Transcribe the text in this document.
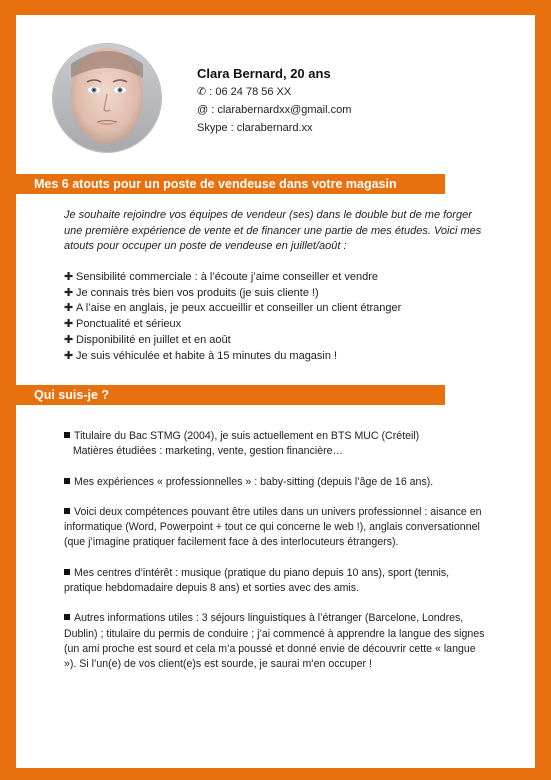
Clara Bernard, 20 ans
✆ : 06 24 78 56 XX
@ : clarabernardxx@gmail.com
Skype : clarabernard.xx
Mes 6 atouts pour un poste de vendeuse dans votre magasin
Je souhaite rejoindre vos équipes de vendeur (ses) dans le double but de me forger une première expérience de vente et de financer une partie de mes études. Voici mes atouts pour occuper un poste de vendeuse en juillet/août :
✚ Sensibilité commerciale : à l’écoute j’aime conseiller et vendre
✚ Je connais très bien vos produits (je suis cliente !)
✚ A l’aise en anglais, je peux accueillir et conseiller un client étranger
✚ Ponctualité et sérieux
✚ Disponibilité en juillet et en août
✚ Je suis véhiculée et habite à 15 minutes du magasin !
Qui suis-je ?

Titulaire du Bac STMG (2004), je suis actuellement en BTS MUC (Créteil)
Matières étudiées : marketing, vente, gestion financière…

Mes expériences « professionnelles » : baby-sitting (depuis l’âge de 16 ans).

Voici deux compétences pouvant être utiles dans un univers professionnel : aisance en informatique (Word, Powerpoint + tout ce qui concerne le web !), anglais conversationnel (que j’imagine pratiquer facilement face à des interlocuteurs étrangers).

Mes centres d’intérêt : musique (pratique du piano depuis 10 ans), sport (tennis, pratique hebdomadaire depuis 8 ans) et sorties avec des amis.

Autres informations utiles : 3 séjours linguistiques à l’étranger (Barcelone, Londres, Dublin) ; titulaire du permis de conduire ; j’ai commencé à apprendre la langue des signes (un ami proche est sourd et cela m’a poussé et donné envie de découvrir cette « langue »). Si l’un(e) de vos client(e)s est sourde, je saurai m’en occuper !
